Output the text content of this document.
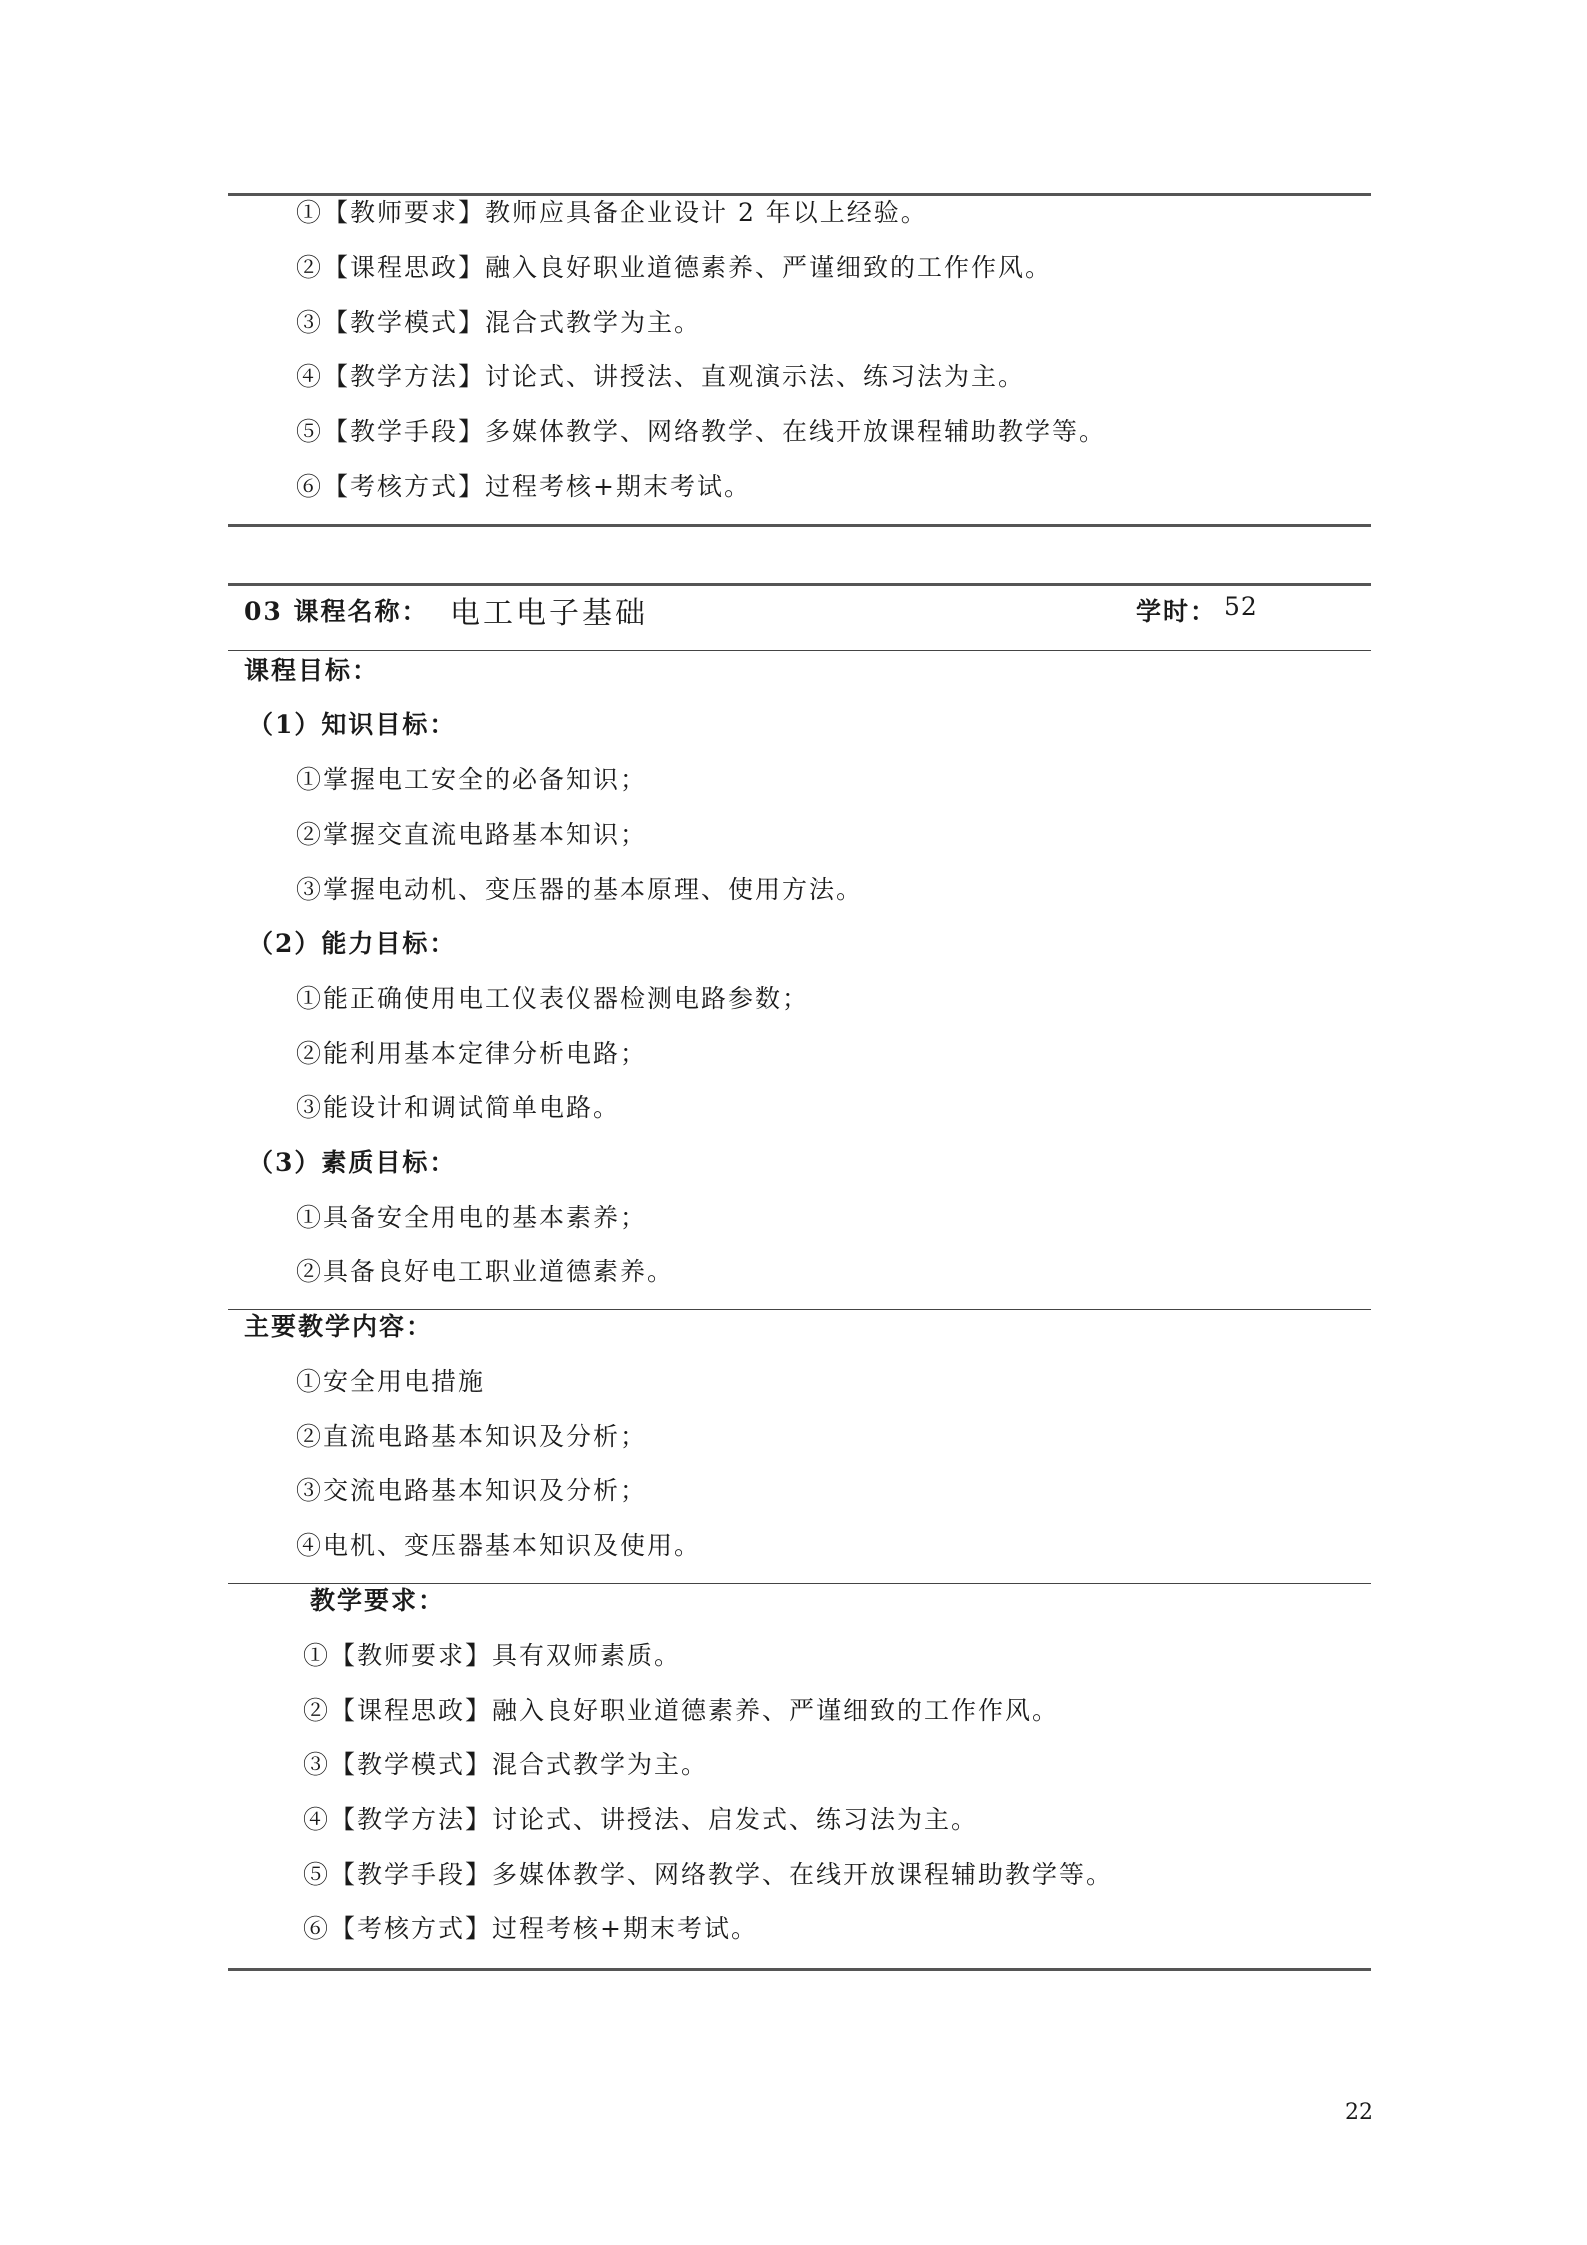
①【教师要求】教师应具备企业设计 2 年以上经验。
②【课程思政】融入良好职业道德素养、严谨细致的工作作风。
③【教学模式】混合式教学为主。
④【教学方法】讨论式、讲授法、直观演示法、练习法为主。
⑤【教学手段】多媒体教学、网络教学、在线开放课程辅助教学等。
⑥【考核方式】过程考核+期末考试。
03 课程名称： 电工电子基础	学时： 52
课程目标：
（1）知识目标：
①掌握电工安全的必备知识；
②掌握交直流电路基本知识；
③掌握电动机、变压器的基本原理、使用方法。
（2）能力目标：
①能正确使用电工仪表仪器检测电路参数；
②能利用基本定律分析电路；
③能设计和调试简单电路。
（3）素质目标：
①具备安全用电的基本素养；
②具备良好电工职业道德素养。
主要教学内容：
①安全用电措施
②直流电路基本知识及分析；
③交流电路基本知识及分析；
④电机、变压器基本知识及使用。
教学要求：
①【教师要求】具有双师素质。
②【课程思政】融入良好职业道德素养、严谨细致的工作作风。
③【教学模式】混合式教学为主。
④【教学方法】讨论式、讲授法、启发式、练习法为主。
⑤【教学手段】多媒体教学、网络教学、在线开放课程辅助教学等。
⑥【考核方式】过程考核+期末考试。
22
